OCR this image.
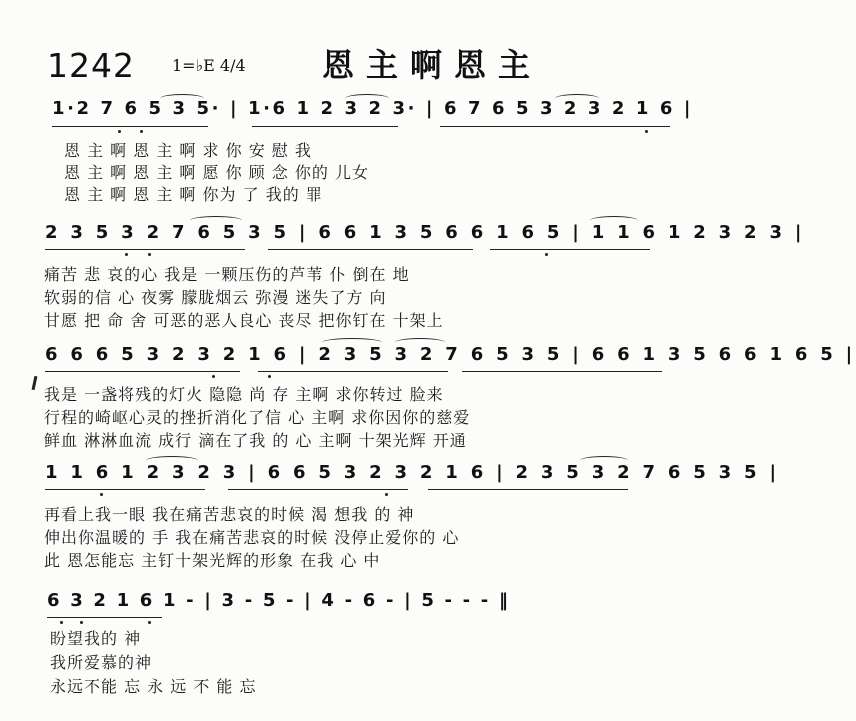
1242 1=♭E 4/4 恩主啊恩主
1·2 7 6 5 3 5· | 1·6 1 2 3 2 3· | 6 7 6 5 3 2 3 2 1 6 |
恩 主 啊 恩 主 啊 求 你 安 慰 我
恩 主 啊 恩 主 啊 愿 你 顾 念 你的 儿女
恩 主 啊 恩 主 啊 你为 了 我的 罪
2 3 5 3 2 7 6 5 3 5 | 6 6 1 3 5 6 6 1 6 5 | 1 1 6 1 2 3 2 3 |
痛苦 悲 哀的心 我是 一颗压伤的芦苇 仆 倒在 地
软弱的信 心 夜雾 朦胧烟云 弥漫 迷失了方 向
甘愿 把 命 舍 可恶的恶人良心 丧尽 把你钉在 十架上
6 6 6 5 3 2 3 2 1 6 | 2 3 5 3 2 7 6 5 3 5 | 6 6 1 3 5 6 6 1 6 5 |
我是 一盏将残的灯火 隐隐 尚 存 主啊 求你转过 脸来
行程的崎岖心灵的挫折消化了信 心 主啊 求你因你的慈爱
鲜血 淋淋血流 成行 滴在了我 的 心 主啊 十架光辉 开通
1 1 6 1 2 3 2 3 | 6 6 5 3 2 3 2 1 6 | 2 3 5 3 2 7 6 5 3 5 |
再看上我一眼 我在痛苦悲哀的时候 渴 想我 的 神
伸出你温暖的 手 我在痛苦悲哀的时候 没停止爱你的 心
此 恩怎能忘 主钉十架光辉的形象 在我 心 中
6 3 2 1 6 1 - | 3 - 5 - | 4 - 6 - | 5 - - - ‖
盼望我的 神
我所爱慕的神
永远不能 忘 永 远 不 能 忘
